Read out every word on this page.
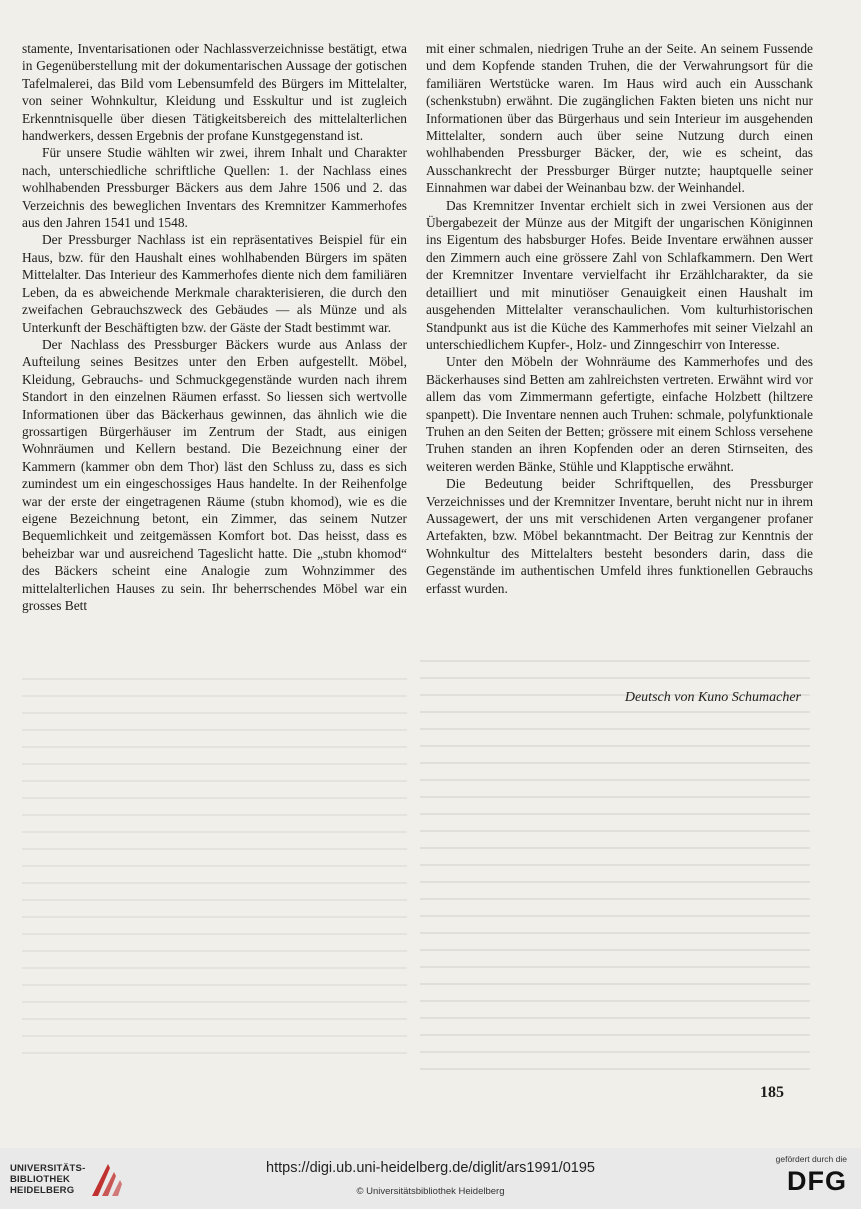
stamente, Inventarisationen oder Nachlassverzeichnisse bestätigt, etwa in Gegenüberstellung mit der dokumentarischen Aussage der gotischen Tafelmalerei, das Bild vom Lebensumfeld des Bürgers im Mittelalter, von seiner Wohnkultur, Kleidung und Esskultur und ist zugleich Erkenntnisquelle über diesen Tätigkeitsbereich des mittelalterlichen handwerkers, dessen Ergebnis der profane Kunstgegenstand ist.

Für unsere Studie wählten wir zwei, ihrem Inhalt und Charakter nach, unterschiedliche schriftliche Quellen: 1. der Nachlass eines wohlhabenden Pressburger Bäckers aus dem Jahre 1506 und 2. das Verzeichnis des beweglichen Inventars des Kremnitzer Kammerhofes aus den Jahren 1541 und 1548.

Der Pressburger Nachlass ist ein repräsentatives Beispiel für ein Haus, bzw. für den Haushalt eines wohlhabenden Bürgers im späten Mittelalter. Das Interieur des Kammerhofes diente nich dem familiären Leben, da es abweichende Merkmale charakterisieren, die durch den zweifachen Gebrauchszweck des Gebäudes — als Münze und als Unterkunft der Beschäftigten bzw. der Gäste der Stadt bestimmt war.

Der Nachlass des Pressburger Bäckers wurde aus Anlass der Aufteilung seines Besitzes unter den Erben aufgestellt. Möbel, Kleidung, Gebrauchs- und Schmuckgegenstände wurden nach ihrem Standort in den einzelnen Räumen erfasst. So liessen sich wertvolle Informationen über das Bäckerhaus gewinnen, das ähnlich wie die grossartigen Bürgerhäuser im Zentrum der Stadt, aus einigen Wohnräumen und Kellern bestand. Die Bezeichnung einer der Kammern (kammer obn dem Thor) läst den Schluss zu, dass es sich zumindest um ein eingeschossiges Haus handelte. In der Reihenfolge war der erste der eingetragenen Räume (stubn khomod), wie es die eigene Bezeichnung betont, ein Zimmer, das seinem Nutzer Bequemlichkeit und zeitgemässen Komfort bot. Das heisst, dass es beheizbar war und ausreichend Tageslicht hatte. Die „stubn khomod“ des Bäckers scheint eine Analogie zum Wohnzimmer des mittelalterlichen Hauses zu sein. Ihr beherrschendes Möbel war ein grosses Bett

mit einer schmalen, niedrigen Truhe an der Seite. An seinem Fussende und dem Kopfende standen Truhen, die der Verwahrungsort für die familiären Wertstücke waren. Im Haus wird auch ein Ausschank (schenkstubn) erwähnt. Die zugänglichen Fakten bieten uns nicht nur Informationen über das Bürgerhaus und sein Interieur im ausgehenden Mittelalter, sondern auch über seine Nutzung durch einen wohlhabenden Pressburger Bäcker, der, wie es scheint, das Ausschankrecht der Pressburger Bürger nutzte; hauptquelle seiner Einnahmen war dabei der Weinanbau bzw. der Weinhandel.

Das Kremnitzer Inventar erchielt sich in zwei Versionen aus der Übergabezeit der Münze aus der Mitgift der ungarischen Königinnen ins Eigentum des habsburger Hofes. Beide Inventare erwähnen ausser den Zimmern auch eine grössere Zahl von Schlafkammern. Den Wert der Kremnitzer Inventare vervielfacht ihr Erzählcharakter, da sie detailliert und mit minutiöser Genauigkeit einen Haushalt im ausgehenden Mittelalter veranschaulichen. Vom kulturhistorischen Standpunkt aus ist die Küche des Kammerhofes mit seiner Vielzahl an unterschiedlichem Kupfer-, Holz- und Zinngeschirr von Interesse.

Unter den Möbeln der Wohnräume des Kammerhofes und des Bäckerhauses sind Betten am zahlreichsten vertreten. Erwähnt wird vor allem das vom Zimmermann gefertigte, einfache Holzbett (hiltzere spanpett). Die Inventare nennen auch Truhen: schmale, polyfunktionale Truhen an den Seiten der Betten; grössere mit einem Schloss versehene Truhen standen an ihren Kopfenden oder an deren Stirnseiten, des weiteren werden Bänke, Stühle und Klapptische erwähnt.

Die Bedeutung beider Schriftquellen, des Pressburger Verzeichnisses und der Kremnitzer Inventare, beruht nicht nur in ihrem Aussagewert, der uns mit verschidenen Arten vergangener profaner Artefakten, bzw. Möbel bekanntmacht. Der Beitrag zur Kenntnis der Wohnkultur des Mittelalters besteht besonders darin, dass die Gegenstände im authentischen Umfeld ihres funktionellen Gebrauchs erfasst wurden.

Deutsch von Kuno Schumacher
185
UNIVERSITÄTS-
BIBLIOTHEK
HEIDELBERG
https://digi.ub.uni-heidelberg.de/diglit/ars1991/0195
© Universitätsbibliothek Heidelberg
gefördert durch die
DFG
